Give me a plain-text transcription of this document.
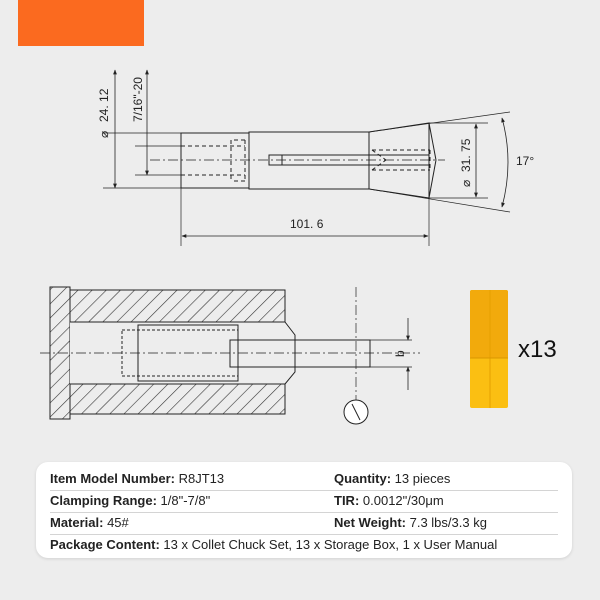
24. 12
⌀
7/16"-20
31. 75
⌀
17°
101. 6
b	x13
Item Model Number: R8JT13	Quantity: 13 pieces
Clamping Range: 1/8"-7/8"	TIR: 0.0012"/30μm
Material: 45#	Net Weight: 7.3 lbs/3.3 kg
Package Content: 13 x Collet Chuck Set, 13 x Storage Box, 1 x User Manual
